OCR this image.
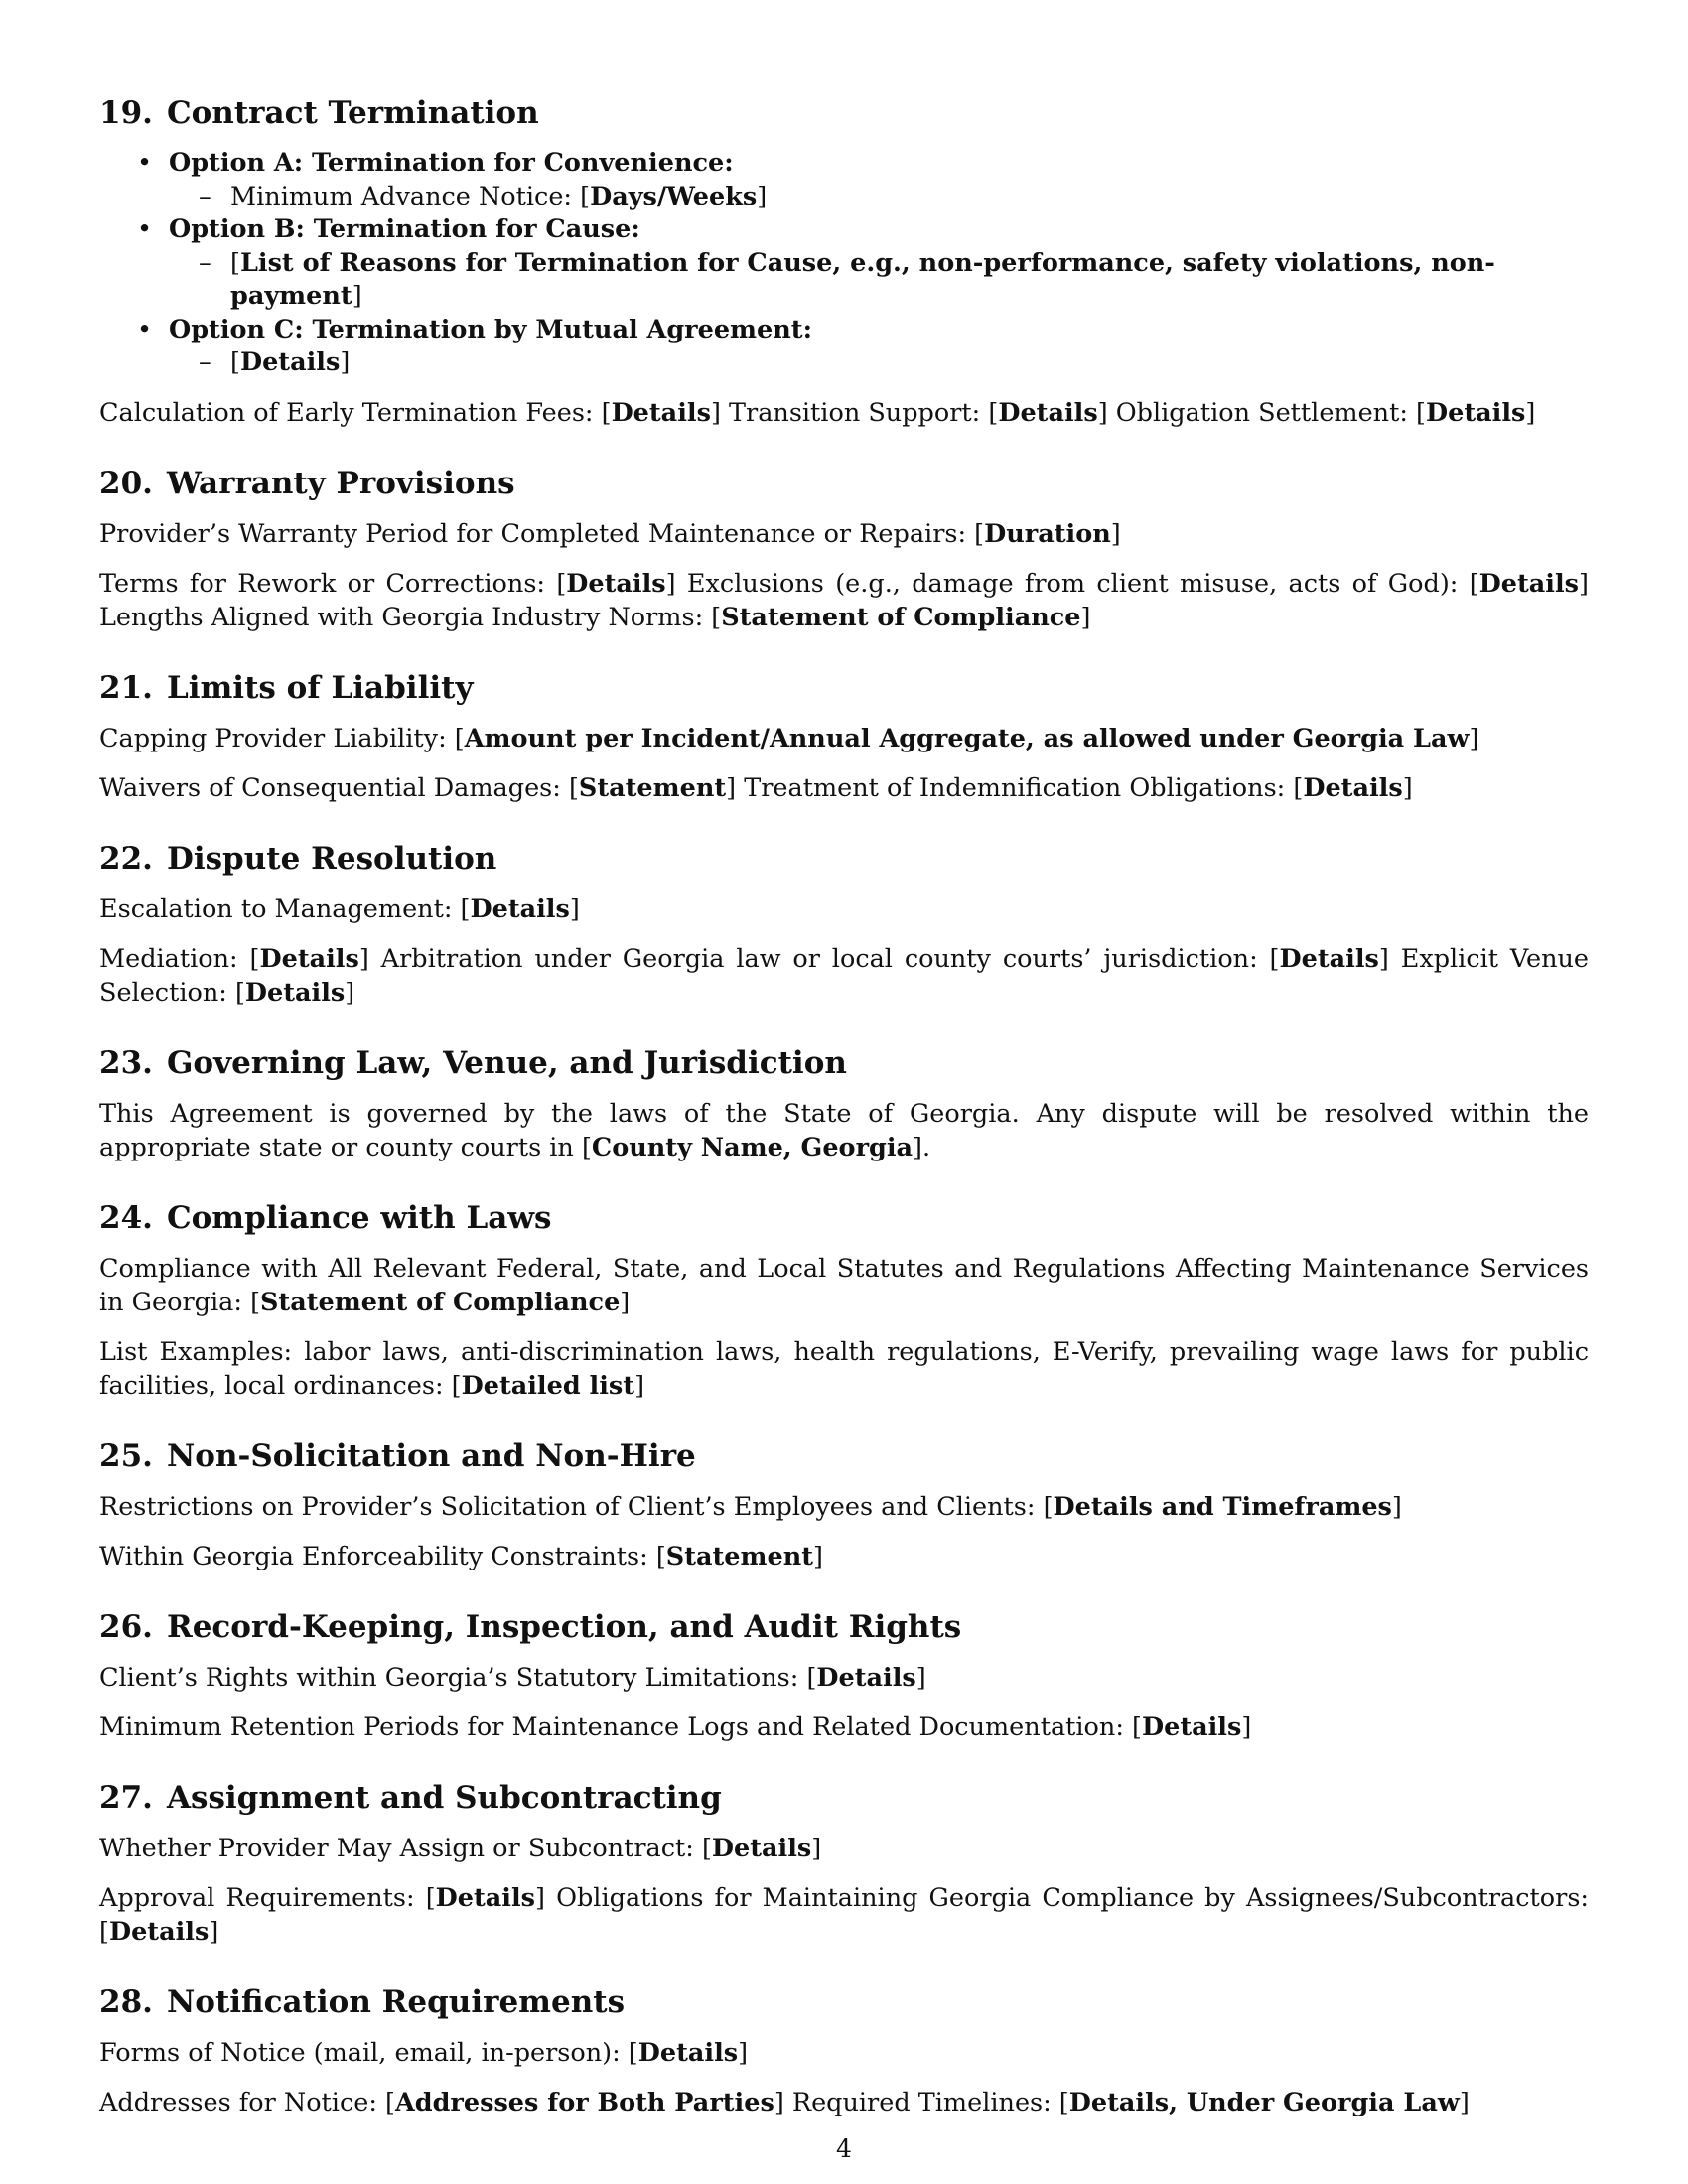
19. Contract Termination
• Option A: Termination for Convenience:
– Minimum Advance Notice: [Days/Weeks]
• Option B: Termination for Cause:
– [List of Reasons for Termination for Cause, e.g., non-performance, safety violations, non-payment]
• Option C: Termination by Mutual Agreement:
– [Details]

Calculation of Early Termination Fees: [Details] Transition Support: [Details] Obligation Settlement: [Details]

20. Warranty Provisions

Provider’s Warranty Period for Completed Maintenance or Repairs: [Duration]

Terms for Rework or Corrections: [Details] Exclusions (e.g., damage from client misuse, acts of God): [Details] Lengths Aligned with Georgia Industry Norms: [Statement of Compliance]

21. Limits of Liability

Capping Provider Liability: [Amount per Incident/Annual Aggregate, as allowed under Georgia Law]

Waivers of Consequential Damages: [Statement] Treatment of Indemnification Obligations: [Details]

22. Dispute Resolution

Escalation to Management: [Details]

Mediation: [Details] Arbitration under Georgia law or local county courts’ jurisdiction: [Details] Explicit Venue Selection: [Details]

23. Governing Law, Venue, and Jurisdiction

This Agreement is governed by the laws of the State of Georgia. Any dispute will be resolved within the appropriate state or county courts in [County Name, Georgia].

24. Compliance with Laws

Compliance with All Relevant Federal, State, and Local Statutes and Regulations Affecting Maintenance Services in Georgia: [Statement of Compliance]

List Examples: labor laws, anti-discrimination laws, health regulations, E-Verify, prevailing wage laws for public facilities, local ordinances: [Detailed list]

25. Non-Solicitation and Non-Hire

Restrictions on Provider’s Solicitation of Client’s Employees and Clients: [Details and Timeframes]

Within Georgia Enforceability Constraints: [Statement]

26. Record-Keeping, Inspection, and Audit Rights

Client’s Rights within Georgia’s Statutory Limitations: [Details]

Minimum Retention Periods for Maintenance Logs and Related Documentation: [Details]

27. Assignment and Subcontracting

Whether Provider May Assign or Subcontract: [Details]

Approval Requirements: [Details] Obligations for Maintaining Georgia Compliance by Assignees/Subcontractors: [Details]

28. Notification Requirements

Forms of Notice (mail, email, in-person): [Details]

Addresses for Notice: [Addresses for Both Parties] Required Timelines: [Details, Under Georgia Law]

4
